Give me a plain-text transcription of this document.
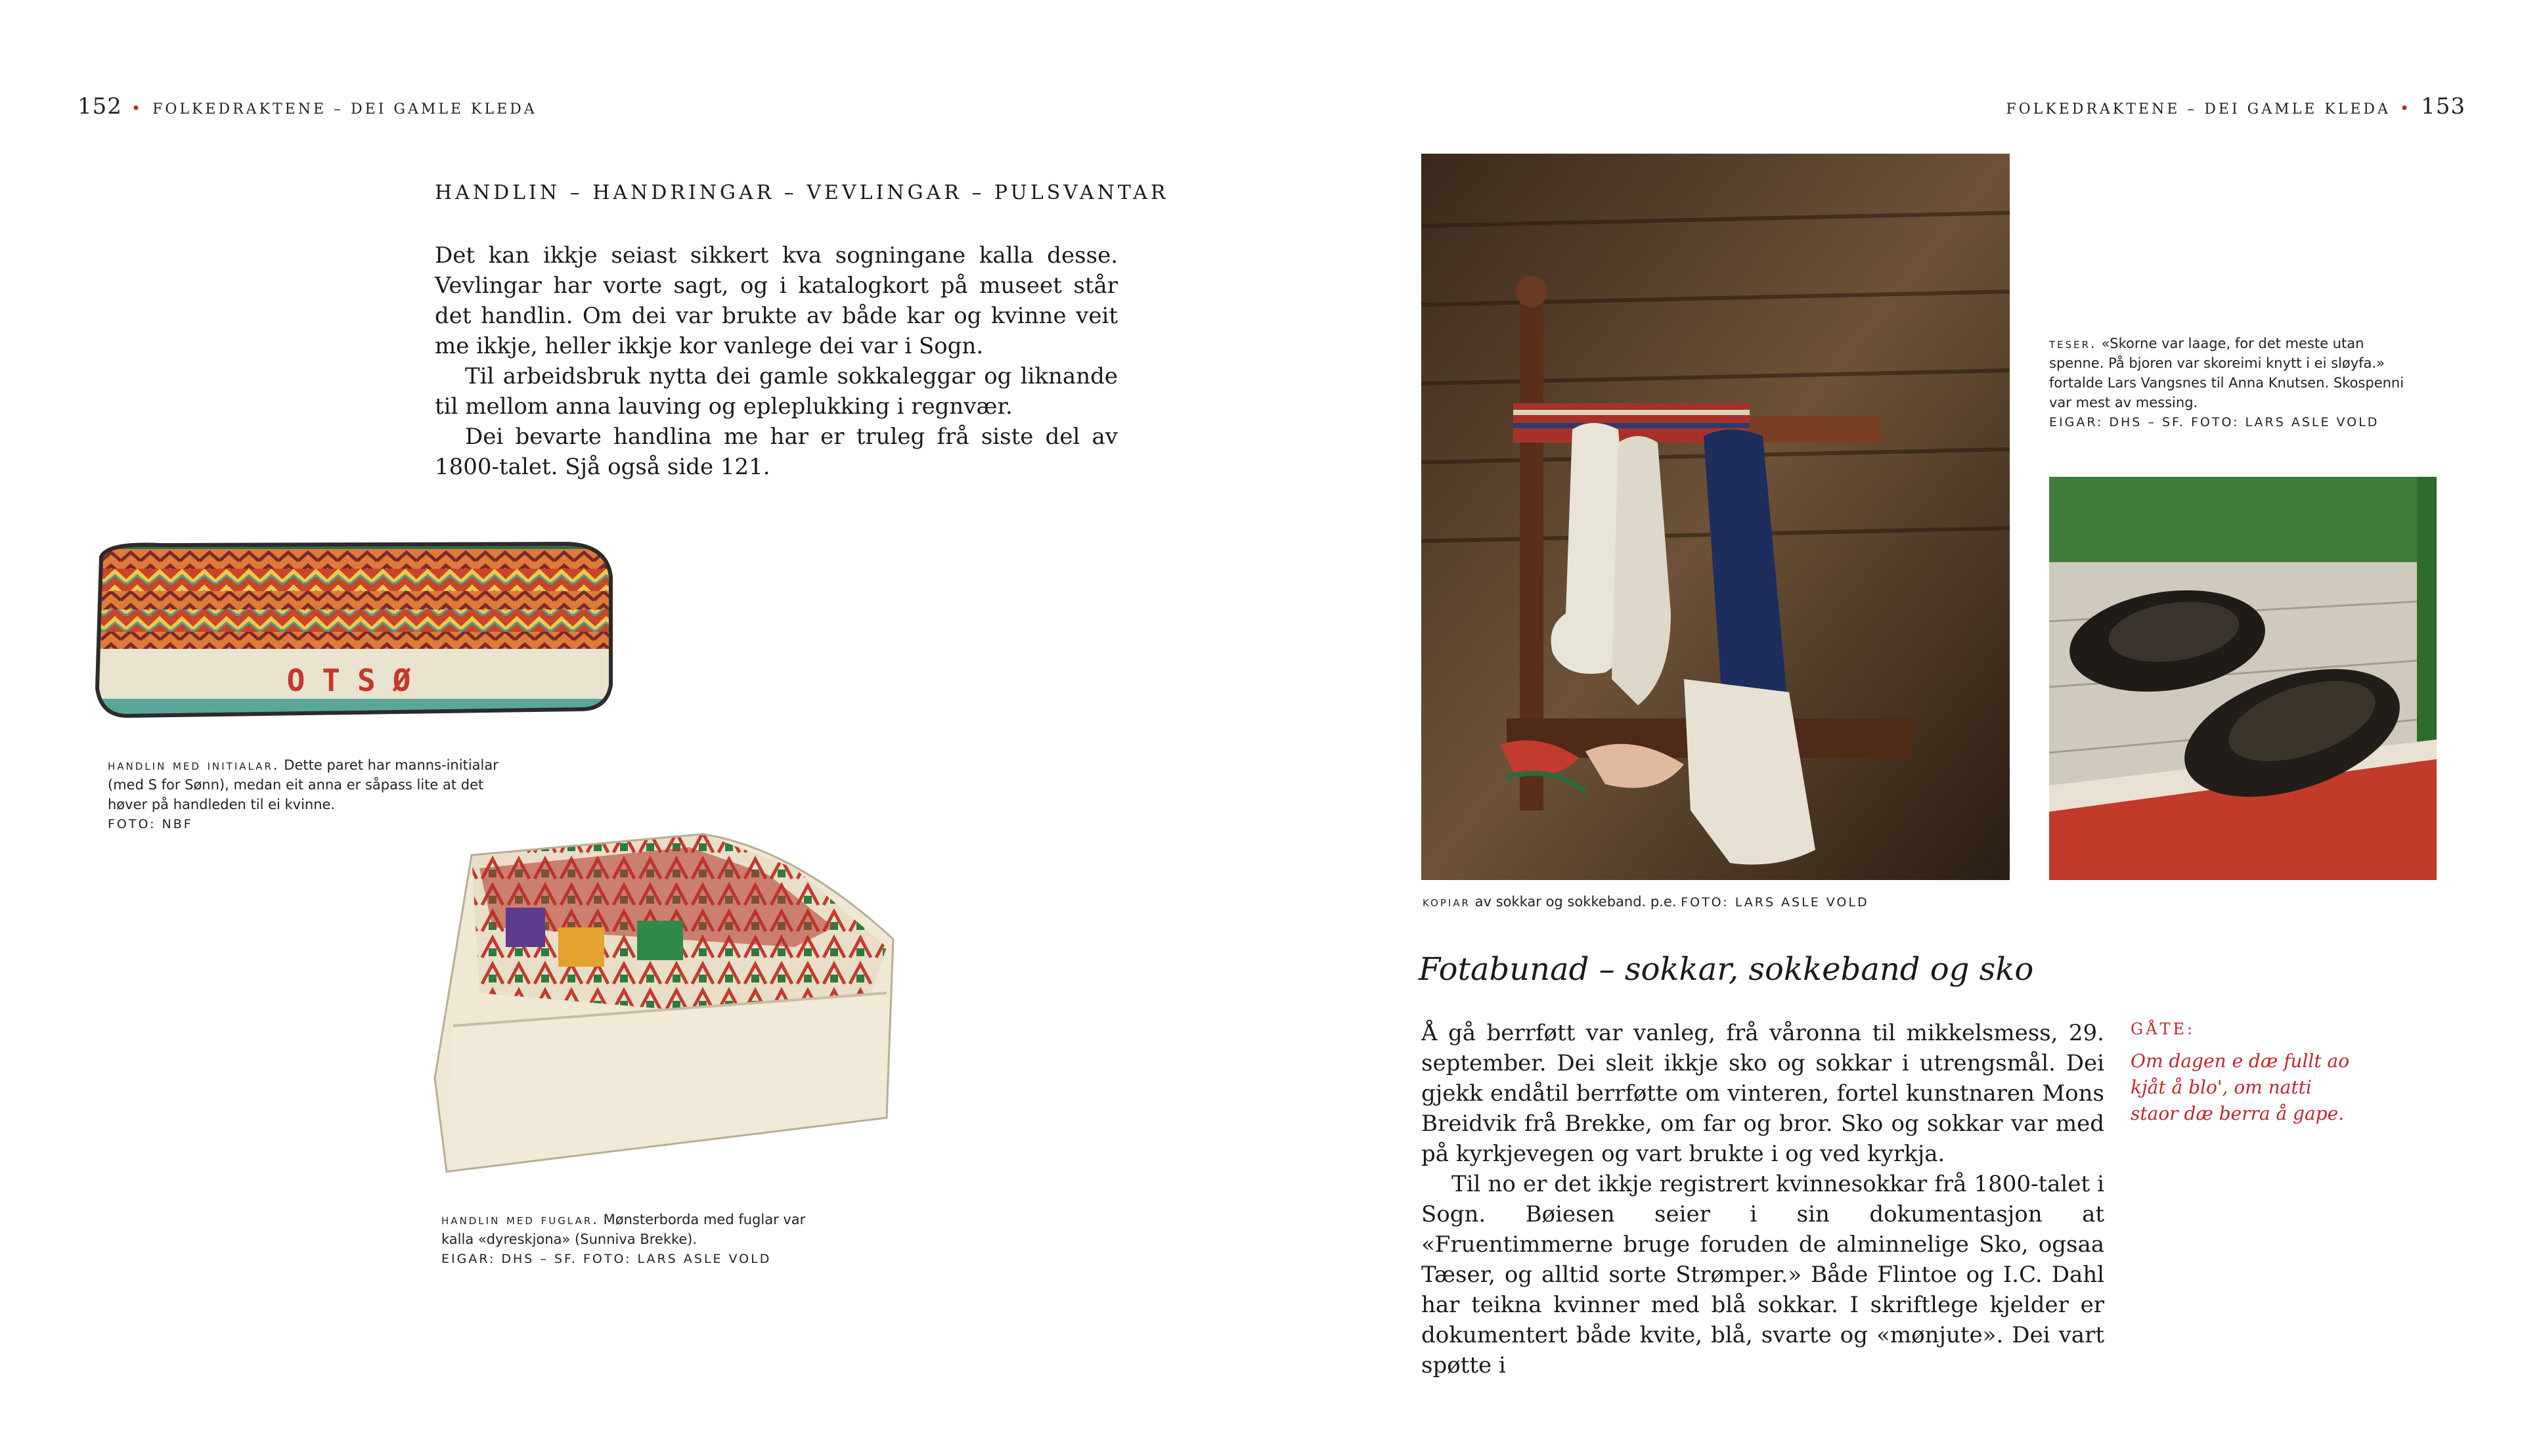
152 • FOLKEDRAKTENE – DEI GAMLE KLEDA
HANDLIN – HANDRINGAR – VEVLINGAR – PULSVANTAR

Det kan ikkje seiast sikkert kva sogningane kalla desse. Vevlingar har vorte sagt, og i katalogkort på museet står det handlin. Om dei var brukte av både kar og kvinne veit me ikkje, heller ikkje kor vanlege dei var i Sogn.

Til arbeidsbruk nytta dei gamle sokkaleggar og liknande til mellom anna lauving og epleplukking i regnvær.

Dei bevarte handlina me har er truleg frå siste del av 1800-talet. Sjå også side 121.

OTSØ
handlin med initialar. Dette paret har manns-initialar (med S for Sønn), medan eit anna er såpass lite at det høver på handleden til ei kvinne.
FOTO: NBF
handlin med fuglar. Mønsterborda med fuglar var kalla «dyreskjona» (Sunniva Brekke).
EIGAR: DHS – SF. FOTO: LARS ASLE VOLD
FOLKEDRAKTENE – DEI GAMLE KLEDA • 153
kopiar av sokkar og sokkeband. p.e. FOTO: LARS ASLE VOLD
teser. «Skorne var laage, for det meste utan spenne. På bjoren var skoreimi knytt i ei sløyfa.» fortalde Lars Vangsnes til Anna Knutsen. Skospenni var mest av messing.
EIGAR: DHS – SF. FOTO: LARS ASLE VOLD
Fotabunad – sokkar, sokkeband og sko

Å gå berrføtt var vanleg, frå våronna til mikkelsmess, 29. september. Dei sleit ikkje sko og sokkar i utrengsmål. Dei gjekk endåtil berrføtte om vinteren, fortel kunstnaren Mons Breidvik frå Brekke, om far og bror. Sko og sokkar var med på kyrkjevegen og vart brukte i og ved kyrkja.

Til no er det ikkje registrert kvinnesokkar frå 1800-talet i Sogn. Bøiesen seier i sin dokumentasjon at «Fruentimmerne bruge foruden de alminnelige Sko, ogsaa Tæser, og alltid sorte Strømper.» Både Flintoe og I.C. Dahl har teikna kvinner med blå sokkar. I skriftlege kjelder er dokumentert både kvite, blå, svarte og «mønjute». Dei vart spøtte i

GÅTE:
Om dagen e dæ fullt ao kjåt å blo', om natti staor dæ berra å gape.
